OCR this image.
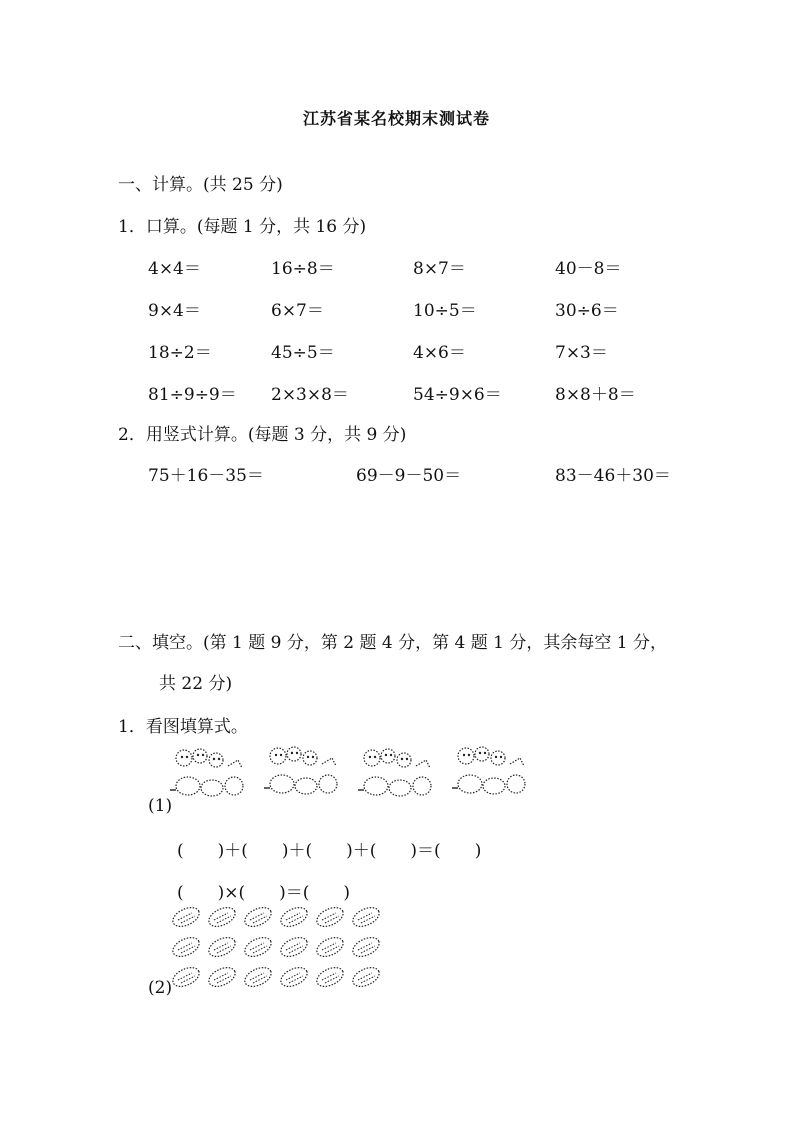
江苏省某名校期末测试卷
一、计算。(共 25 分)
1．口算。(每题 1 分，共 16 分)
4×4＝	16÷8＝	8×7＝	40－8＝
9×4＝	6×7＝	10÷5＝	30÷6＝
18÷2＝	45÷5＝	4×6＝	7×3＝
81÷9÷9＝ 2×3×8＝	54÷9×6＝	8×8＋8＝
2．用竖式计算。(每题 3 分，共 9 分)
75＋16－35＝	69－9－50＝	83－46＋30＝
二、填空。(第 1 题 9 分，第 2 题 4 分，第 4 题 1 分，其余每空 1 分，
共 22 分)
1．看图填算式。
(1)
(　　)＋(　　)＋(　　)＋(　　)＝(　　)
(　　)×(　　)＝(　　)
(2)
